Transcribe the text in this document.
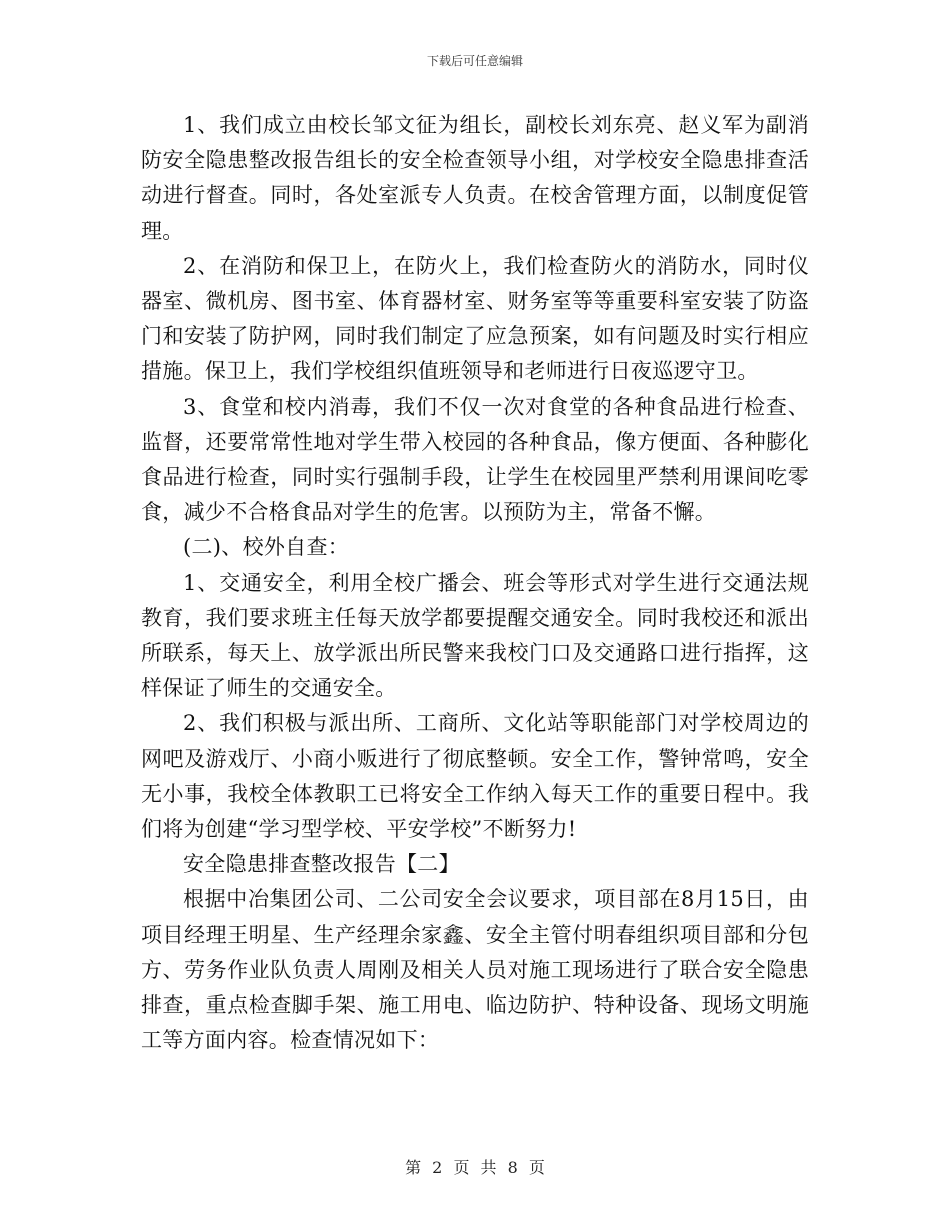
下载后可任意编辑

1、我们成立由校长邹文征为组长，副校长刘东亮、赵义军为副消防安全隐患整改报告组长的安全检查领导小组，对学校安全隐患排查活动进行督查。同时，各处室派专人负责。在校舍管理方面，以制度促管理。

2、在消防和保卫上，在防火上，我们检查防火的消防水，同时仪器室、微机房、图书室、体育器材室、财务室等等重要科室安装了防盗门和安装了防护网，同时我们制定了应急预案，如有问题及时实行相应措施。保卫上，我们学校组织值班领导和老师进行日夜巡逻守卫。

3、食堂和校内消毒，我们不仅一次对食堂的各种食品进行检查、监督，还要常常性地对学生带入校园的各种食品，像方便面、各种膨化食品进行检查，同时实行强制手段，让学生在校园里严禁利用课间吃零食，减少不合格食品对学生的危害。以预防为主，常备不懈。

(二)、校外自查：

1、交通安全，利用全校广播会、班会等形式对学生进行交通法规教育，我们要求班主任每天放学都要提醒交通安全。同时我校还和派出所联系，每天上、放学派出所民警来我校门口及交通路口进行指挥，这样保证了师生的交通安全。

2、我们积极与派出所、工商所、文化站等职能部门对学校周边的网吧及游戏厅、小商小贩进行了彻底整顿。安全工作，警钟常鸣，安全无小事，我校全体教职工已将安全工作纳入每天工作的重要日程中。我们将为创建“学习型学校、平安学校”不断努力!

安全隐患排查整改报告【二】

根据中冶集团公司、二公司安全会议要求，项目部在8月15日，由项目经理王明星、生产经理余家鑫、安全主管付明春组织项目部和分包方、劳务作业队负责人周刚及相关人员对施工现场进行了联合安全隐患排查，重点检查脚手架、施工用电、临边防护、特种设备、现场文明施工等方面内容。检查情况如下：

第 2 页 共 8 页
